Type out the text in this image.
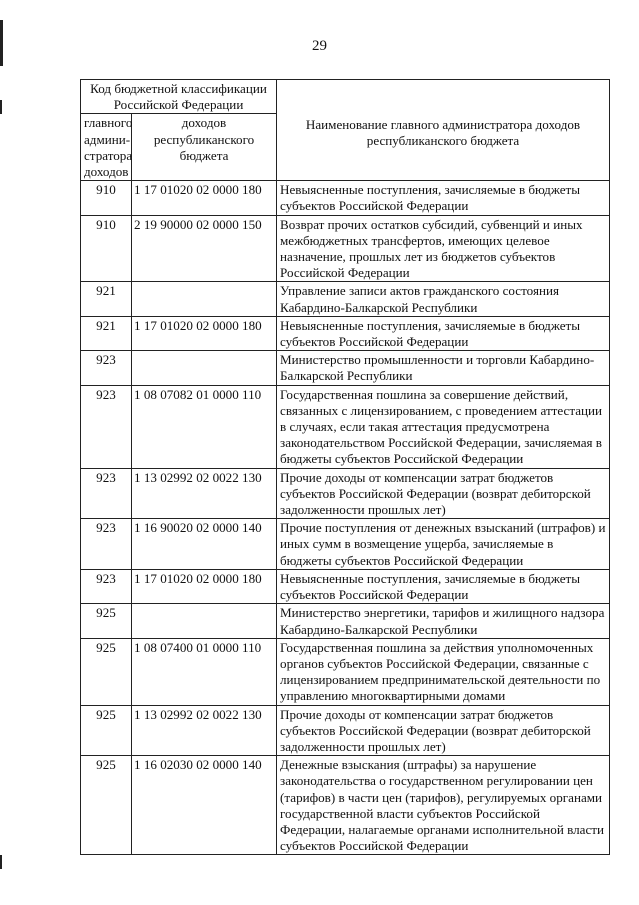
29
Код бюджетной классификации Российской Федерации		Наименование главного администратора доходов республиканского бюджета
главного админи- стратора доходов	доходов республиканского бюджета	
910	1 17 01020 02 0000 180	Невыясненные поступления, зачисляемые в бюджеты субъектов Российской Федерации
910	2 19 90000 02 0000 150	Возврат прочих остатков субсидий, субвенций и иных межбюджетных трансфертов, имеющих целевое назначение, прошлых лет из бюджетов субъектов Российской Федерации
921		Управление записи актов гражданского состояния Кабардино-Балкарской Республики
921	1 17 01020 02 0000 180	Невыясненные поступления, зачисляемые в бюджеты субъектов Российской Федерации
923		Министерство промышленности и торговли Кабардино-Балкарской Республики
923	1 08 07082 01 0000 110	Государственная пошлина за совершение действий, связанных с лицензированием, с проведением аттестации в случаях, если такая аттестация предусмотрена законодательством Российской Федерации, зачисляемая в бюджеты субъектов Российской Федерации
923	1 13 02992 02 0022 130	Прочие доходы от компенсации затрат бюджетов субъектов Российской Федерации (возврат дебиторской задолженности прошлых лет)
923	1 16 90020 02 0000 140	Прочие поступления от денежных взысканий (штрафов) и иных сумм в возмещение ущерба, зачисляемые в бюджеты субъектов Российской Федерации
923	1 17 01020 02 0000 180	Невыясненные поступления, зачисляемые в бюджеты субъектов Российской Федерации
925		Министерство энергетики, тарифов и жилищного надзора Кабардино-Балкарской Республики
925	1 08 07400 01 0000 110	Государственная пошлина за действия уполномоченных органов субъектов Российской Федерации, связанные с лицензированием предпринимательской деятельности по управлению многоквартирными домами
925	1 13 02992 02 0022 130	Прочие доходы от компенсации затрат бюджетов субъектов Российской Федерации (возврат дебиторской задолженности прошлых лет)
925	1 16 02030 02 0000 140	Денежные взыскания (штрафы) за нарушение законодательства о государственном регулировании цен (тарифов) в части цен (тарифов), регулируемых органами государственной власти субъектов Российской Федерации, налагаемые органами исполнительной власти субъектов Российской Федерации
